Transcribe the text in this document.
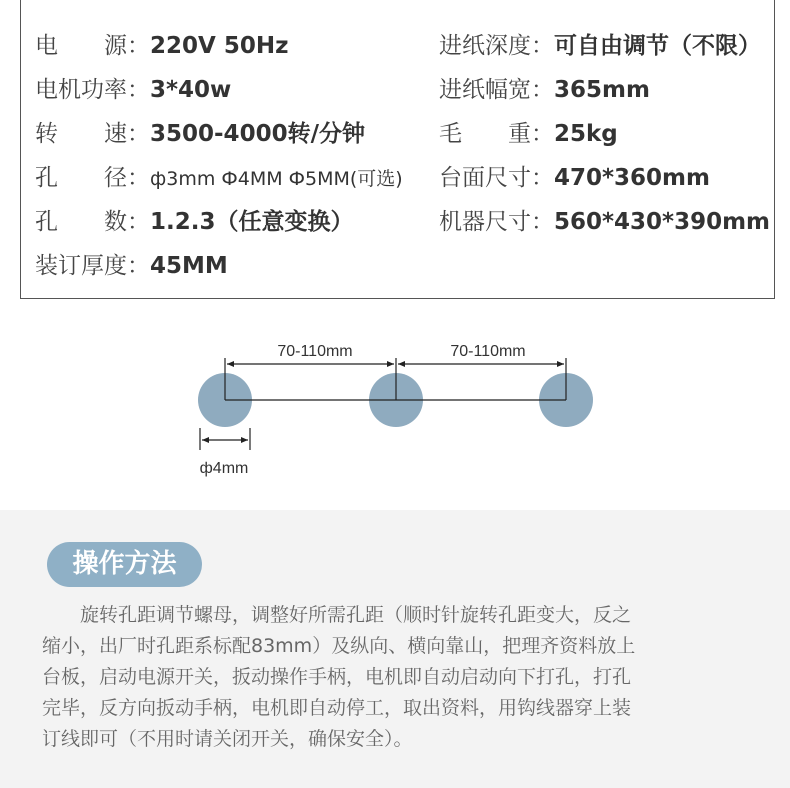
电　　源：220V 50Hz
电机功率：3*40w
转　　速：3500-4000转/分钟
孔　　径：ф3mm Ф4MM Ф5MM(可选)
孔　　数：1.2.3（任意变换）
装订厚度：45MM
进纸深度：可自由调节（不限）
进纸幅宽：365mm
毛　　重：25kg
台面尺寸：470*360mm
机器尺寸：560*430*390mm
70-110mm	70-110mm
ф4mm
操作方法
　　旋转孔距调节螺母，调整好所需孔距（顺时针旋转孔距变大，反之
缩小，出厂时孔距系标配83mm）及纵向、横向靠山，把理齐资料放上
台板，启动电源开关，扳动操作手柄，电机即自动启动向下打孔，打孔
完毕，反方向扳动手柄，电机即自动停工，取出资料，用钩线器穿上装
订线即可（不用时请关闭开关，确保安全）。
